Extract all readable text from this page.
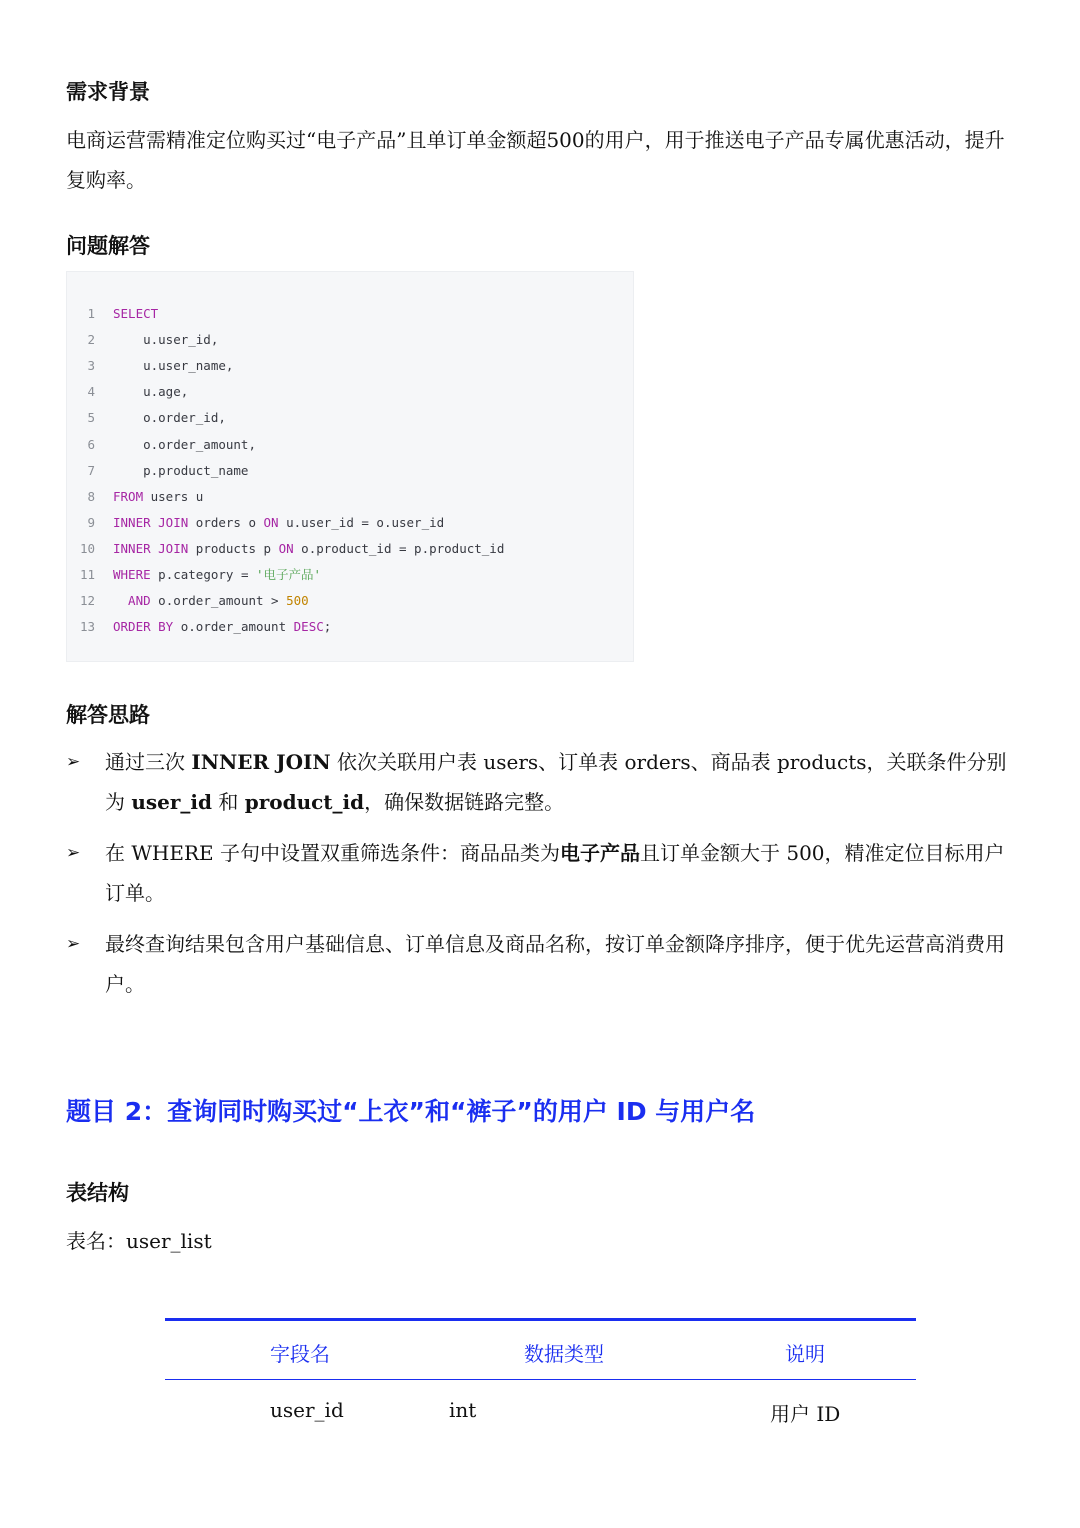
需求背景

电商运营需精准定位购买过“电子产品”且单订单金额超500的用户，用于推送电子产品专属优惠活动，提升复购率。

问题解答
1 SELECT
2    u.user_id,
3    u.user_name,
4    u.age,
5    o.order_id,
6    o.order_amount,
7    p.product_name
8 FROM users u
9 INNER JOIN orders o ON u.user_id = o.user_id
10 INNER JOIN products p ON o.product_id = p.product_id
11 WHERE p.category = '电子产品'
12  AND o.order_amount > 500
13 ORDER BY o.order_amount DESC;
解答思路
➢ 通过三次 INNER JOIN 依次关联用户表 users、订单表 orders、商品表 products，关联条件分别为 user_id 和 product_id，确保数据链路完整。
➢ 在 WHERE 子句中设置双重筛选条件：商品品类为电子产品且订单金额大于 500，精准定位目标用户订单。
➢ 最终查询结果包含用户基础信息、订单信息及商品名称，按订单金额降序排序，便于优先运营高消费用户。
题目 2：查询同时购买过“上衣”和“裤子”的用户 ID 与用户名
表结构

表名：user_list

字段名	数据类型	说明
user_id	int	用户 ID
